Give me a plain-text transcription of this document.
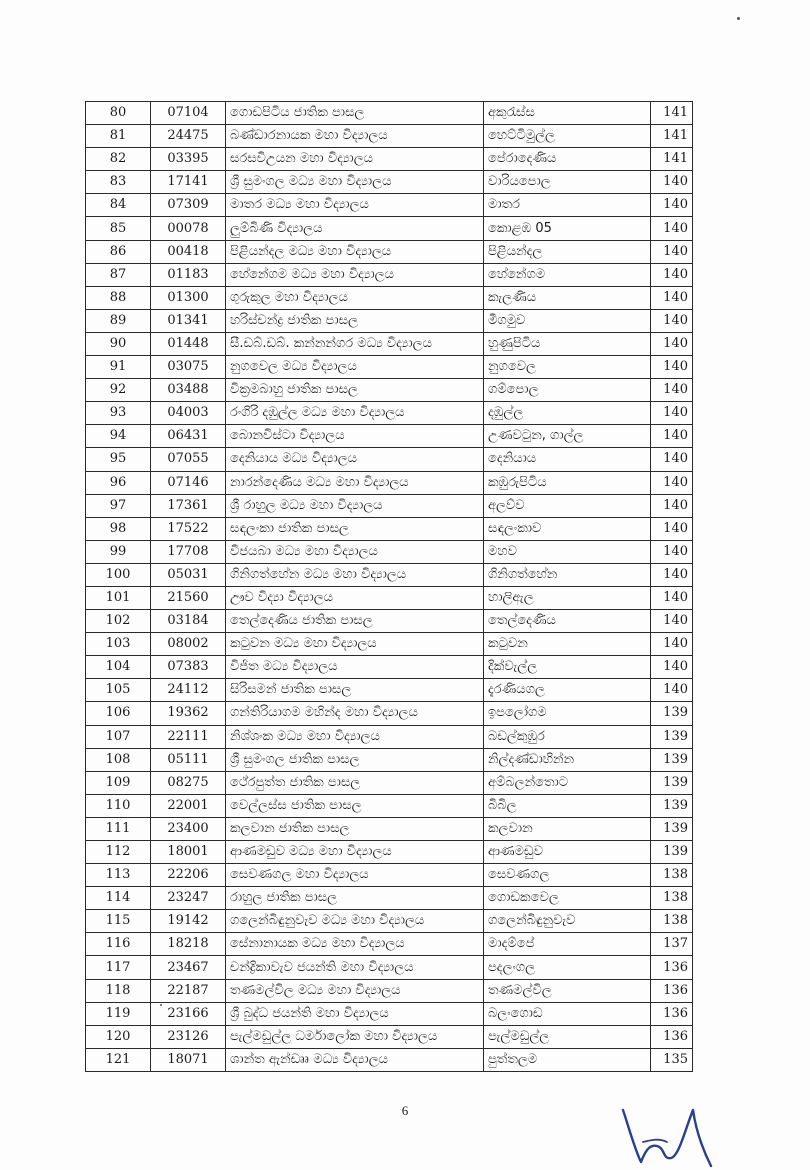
80	07104	ගොඩපිටිය ජාතික පාසල	අකුරැස්ස	141
81	24475	බණ්ඩාරනායක මහා විද්‍යාලය	හෙට්ටිමුල්ල	141
82	03395	සරසවිඋයන මහා විද්‍යාලය	පේරාදෙණිය	141
83	17141	ශ්‍රී සුමංගල මධ්‍ය මහා විද්‍යාලය	වාරියපොල	140
84	07309	මාතර මධ්‍ය මහා විද්‍යාලය	මාතර	140
85	00078	ලුම්බිණි විද්‍යාලය	කොළඹ 05	140
86	00418	පිළියන්දල මධ්‍ය මහා විද්‍යාලය	පිළියන්දල	140
87	01183	හේනේගම මධ්‍ය මහා විද්‍යාලය	හේනේගම	140
88	01300	ගුරුකුල මහා විද්‍යාලය	කැලණිය	140
89	01341	හරිස්චන්ද්‍ර ජාතික පාසල	මීගමුව	140
90	01448	සී.ඩබ්.ඩබ්. කන්නන්ගර මධ්‍ය විද්‍යාලය	හුණුපිටිය	140
91	03075	නුගවෙල මධ්‍ය විද්‍යාලය	නුගවෙල	140
92	03488	වික්‍රමබාහු ජාතික පාසල	ගම්පොල	140
93	04003	රංගිරි දඹුල්ල මධ්‍ය මහා විද්‍යාලය	දඹුල්ල	140
94	06431	බොනවිස්ටා විද්‍යාලය	උණවටුන, ගාල්ල	140
95	07055	දෙනියාය මධ්‍ය විද්‍යාලය	දෙනියාය	140
96	07146	නාරන්දෙණිය මධ්‍ය මහා විද්‍යාලය	කඹුරුපිටිය	140
97	17361	ශ්‍රී රාහුල මධ්‍ය මහා විද්‍යාලය	අලව්ව	140
98	17522	සඳලංකා ජාතික පාසල	සඳලංකාව	140
99	17708	විජයබා මධ්‍ය මහා විද්‍යාලය	මහව	140
100	05031	ගිනිගත්හේන මධ්‍ය මහා විද්‍යාලය	ගිනිගත්හේන	140
101	21560	ඌව විද්‍යා විද්‍යාලය	හාලිඇල	140
102	03184	තෙල්දෙණිය ජාතික පාසල	තෙල්දෙණිය	140
103	08002	කටුවන මධ්‍ය මහා විද්‍යාලය	කටුවන	140
104	07383	විජිත මධ්‍ය විද්‍යාලය	දික්වැල්ල	140
105	24112	සිරිසමන් ජාතික පාසල	දැරණියගල	140
106	19362	ගන්තිරියාගම මහින්ද මහා විද්‍යාලය	ඉපලෝගම	139
107	22111	නිශ්ශංක මධ්‍ය මහා විද්‍යාලය	බඩල්කුඹුර	139
108	05111	ශ්‍රී සුමංගල ජාතික පාසල	නිල්දණ්ඩාහින්න	139
109	08275	ථේරපුත්ත ජාතික පාසල	අම්බලන්තොට	139
110	22001	වෙල්ලස්ස ජාතික පාසල	බිබිල	139
111	23400	කලවාන ජාතික පාසල	කලවාන	139
112	18001	ආණමඩුව මධ්‍ය මහා විද්‍යාලය	ආණමඩුව	139
113	22206	සෙවණගල මහා විද්‍යාලය	සෙවණගල	138
114	23247	රාහුල ජාතික පාසල	ගොඩකවෙල	138
115	19142	ගලෙන්බිඳුනුවැව මධ්‍ය මහා විද්‍යාලය	ගලෙන්බිඳුනුවැව	138
116	18218	සේනානායක මධ්‍ය මහා විද්‍යාලය	මාදම්පේ	137
117	23467	චන්ද්‍රිකාවැව ජයන්ති මහා විද්‍යාලය	පදලංගල	136
118	22187	තණමල්විල මධ්‍ය මහා විද්‍යාලය	තණමල්විල	136
119	23166	ශ්‍රී බුද්ධ ජයන්ති මහා විද්‍යාලය	බලංගොඩ	136
120	23126	පැල්මඩුල්ල ධර්මාලෝක මහා විද්‍යාලය	පැල්මඩුල්ල	136
121	18071	ශාන්ත ඇන්ඩෲ මධ්‍ය විද්‍යාලය	පුත්තලම	135
6
